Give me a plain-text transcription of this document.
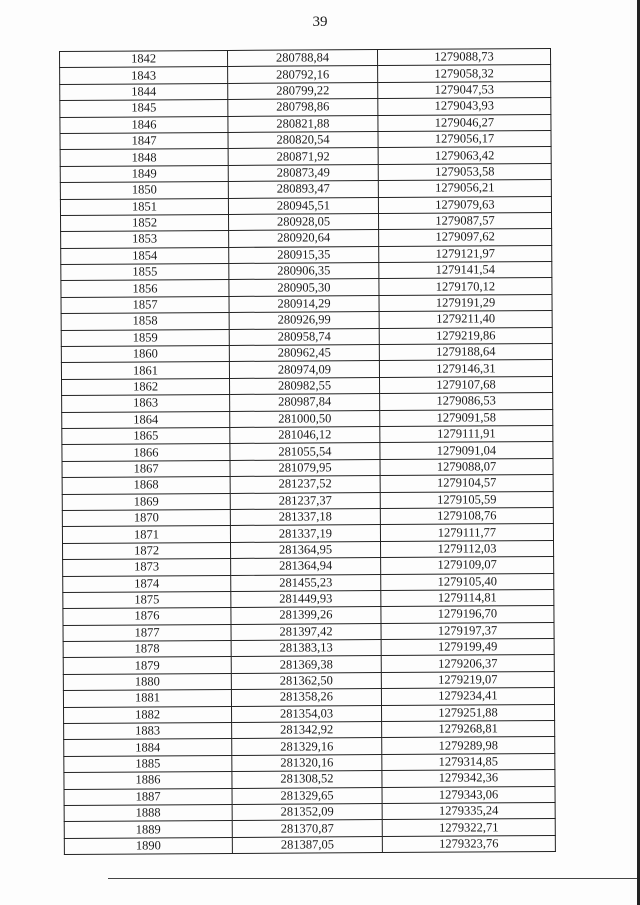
39
1842	280788,84	1279088,73
1843	280792,16	1279058,32
1844	280799,22	1279047,53
1845	280798,86	1279043,93
1846	280821,88	1279046,27
1847	280820,54	1279056,17
1848	280871,92	1279063,42
1849	280873,49	1279053,58
1850	280893,47	1279056,21
1851	280945,51	1279079,63
1852	280928,05	1279087,57
1853	280920,64	1279097,62
1854	280915,35	1279121,97
1855	280906,35	1279141,54
1856	280905,30	1279170,12
1857	280914,29	1279191,29
1858	280926,99	1279211,40
1859	280958,74	1279219,86
1860	280962,45	1279188,64
1861	280974,09	1279146,31
1862	280982,55	1279107,68
1863	280987,84	1279086,53
1864	281000,50	1279091,58
1865	281046,12	1279111,91
1866	281055,54	1279091,04
1867	281079,95	1279088,07
1868	281237,52	1279104,57
1869	281237,37	1279105,59
1870	281337,18	1279108,76
1871	281337,19	1279111,77
1872	281364,95	1279112,03
1873	281364,94	1279109,07
1874	281455,23	1279105,40
1875	281449,93	1279114,81
1876	281399,26	1279196,70
1877	281397,42	1279197,37
1878	281383,13	1279199,49
1879	281369,38	1279206,37
1880	281362,50	1279219,07
1881	281358,26	1279234,41
1882	281354,03	1279251,88
1883	281342,92	1279268,81
1884	281329,16	1279289,98
1885	281320,16	1279314,85
1886	281308,52	1279342,36
1887	281329,65	1279343,06
1888	281352,09	1279335,24
1889	281370,87	1279322,71
1890	281387,05	1279323,76
